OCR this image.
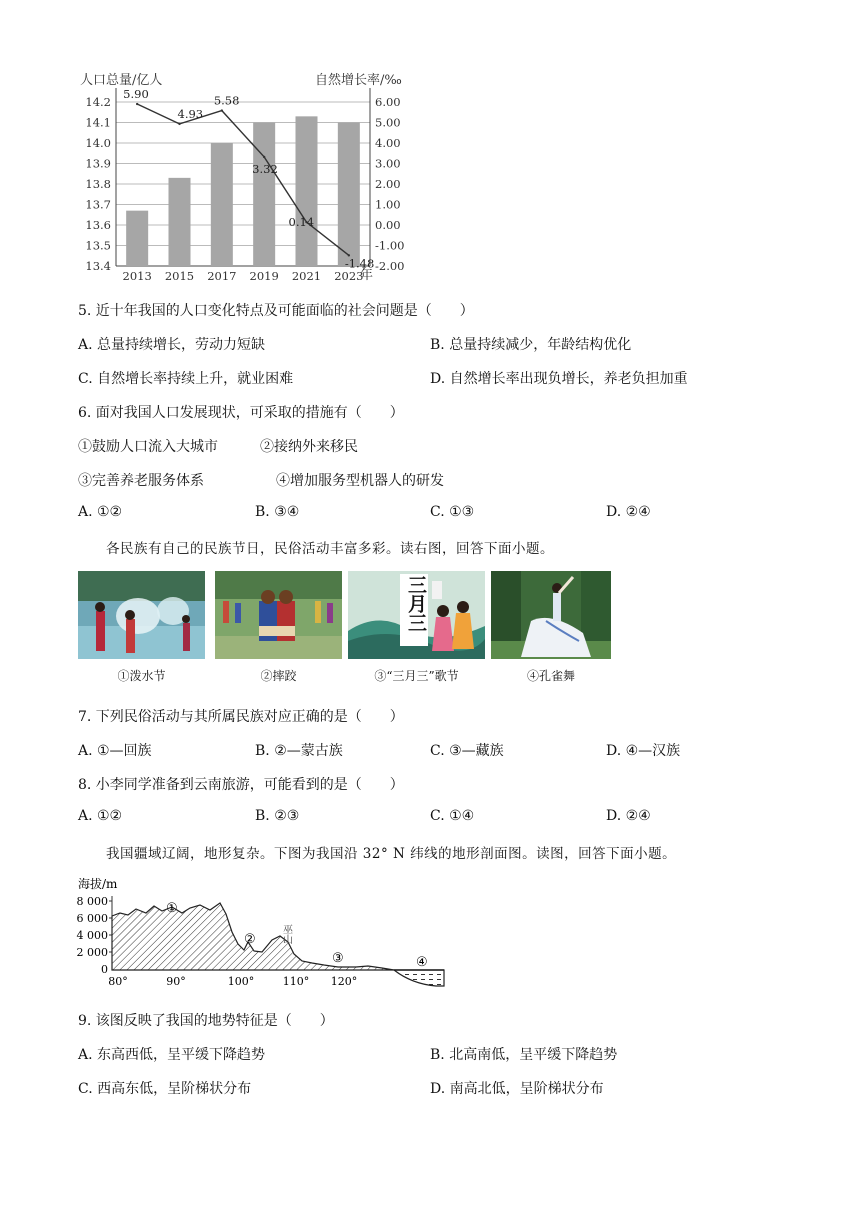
人口总量/亿人	自然增长率/‰
14.2
14.1
14.0
13.9
13.8
13.7
13.6
13.5
13.4
6.00
5.00
4.00
3.00
2.00
1.00
0.00
-1.00
-2.00
2013 2015 2017 2019 2021 2023
5.90
4.93
5.58
3.32
0.14
-1.48
年
5. 近十年我国的人口变化特点及可能面临的社会问题是（　　）
A. 总量持续增长，劳动力短缺	B. 总量持续减少，年龄结构优化
C. 自然增长率持续上升，就业困难	D. 自然增长率出现负增长，养老负担加重
6. 面对我国人口发展现状，可采取的措施有（　　）
①鼓励人口流入大城市	②接纳外来移民
③完善养老服务体系	④增加服务型机器人的研发
A. ①②	B. ③④	C. ①③	D. ②④
各民族有自己的民族节日，民俗活动丰富多彩。读右图，回答下面小题。
三月三
①泼水节	②摔跤	③“三月三”歌节	④孔雀舞
7. 下列民俗活动与其所属民族对应正确的是（　　）
A. ①—回族	B. ②—蒙古族	C. ③—藏族	D. ④—汉族
8. 小李同学准备到云南旅游，可能看到的是（　　）
A. ①②	B. ②③	C. ①④	D. ②④
我国疆域辽阔，地形复杂。下图为我国沿 32° N 纬线的地形剖面图。读图，回答下面小题。
海拔/m
8 000
6 000
4 000
2 000
0
①
②
③	④
巫山
80°	90°	100°	110° 120°
9. 该图反映了我国的地势特征是（　　）
A. 东高西低，呈平缓下降趋势	B. 北高南低，呈平缓下降趋势
C. 西高东低，呈阶梯状分布	D. 南高北低，呈阶梯状分布
